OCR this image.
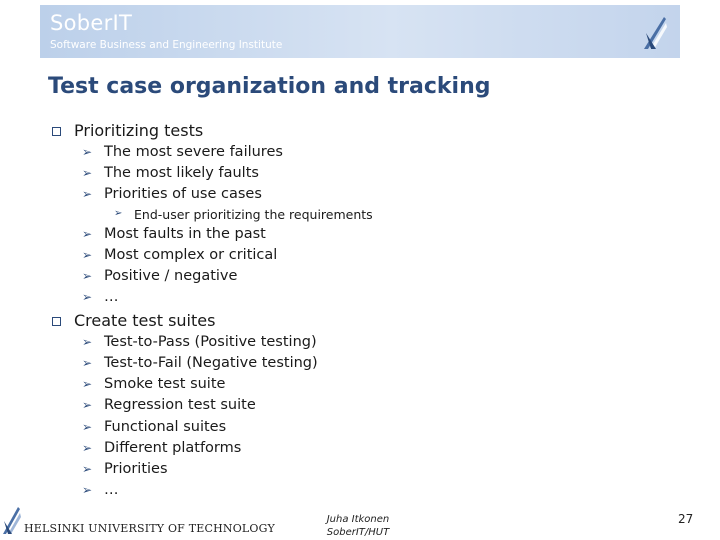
SoberIT
Software Business and Engineering Institute
Test case organization and tracking
Prioritizing tests
➢ The most severe failures
➢ The most likely faults
➢ Priorities of use cases
➢ End-user prioritizing the requirements
➢ Most faults in the past
➢ Most complex or critical
➢ Positive / negative
➢ …
Create test suites
➢ Test-to-Pass (Positive testing)
➢ Test-to-Fail (Negative testing)
➢ Smoke test suite
➢ Regression test suite
➢ Functional suites
➢ Different platforms
➢ Priorities
➢ …
HELSINKI UNIVERSITY OF TECHNOLOGY
Juha Itkonen
SoberIT/HUT
27
